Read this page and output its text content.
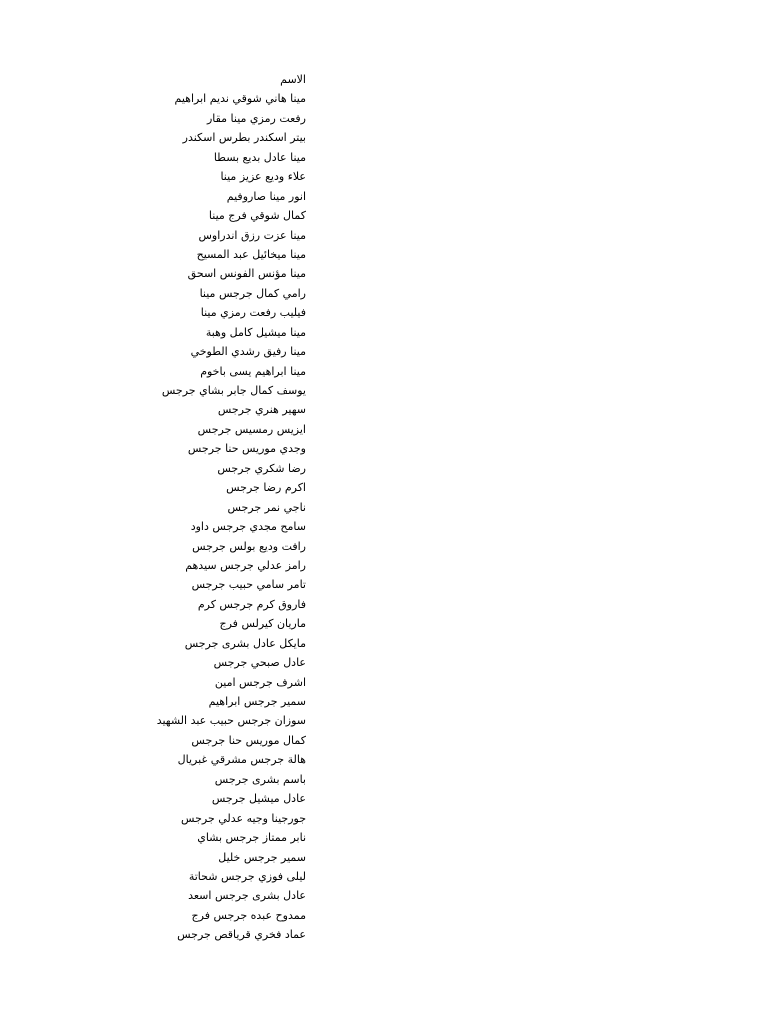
الاسم
مينا هاني شوقي نديم ابراهيم
رفعت رمزي مينا مقار
بيتر اسكندر بطرس اسكندر
مينا عادل بديع بسطا
علاء وديع عزيز مينا
انور مينا صاروفيم
كمال شوقي فرج مينا
مينا عزت رزق اندراوس
مينا ميخائيل عبد المسيح
مينا مؤنس الفونس اسحق
رامي كمال جرجس مينا
فيليب رفعت رمزي مينا
مينا ميشيل كامل وهبة
مينا رفيق رشدي الطوخي
مينا ابراهيم يسى باخوم
يوسف كمال جابر بشاي جرجس
سهير هنري جرجس
ايزيس رمسيس جرجس
وجدي موريس حنا جرجس
رضا شكري جرجس
اكرم رضا جرجس
ناجي نمر جرجس
سامح مجدي جرجس داود
رافت وديع بولس جرجس
رامز عدلي جرجس سيدهم
تامر سامي حبيب جرجس
فاروق كرم جرجس كرم
ماريان كيرلس فرج
مايكل عادل بشرى جرجس
عادل صبحي جرجس
اشرف جرجس امين
سمير جرجس ابراهيم
سوزان جرجس حبيب عبد الشهيد
كمال موريس حنا جرجس
هالة جرجس مشرقي غبريال
باسم بشرى جرجس
عادل ميشيل جرجس
جورجينا وجيه عدلي جرجس
نابر ممتاز جرجس بشاي
سمير جرجس خليل
ليلى فوزي جرجس شحاتة
عادل بشرى جرجس اسعد
ممدوح عبده جرجس فرج
عماد فخري قرياقص جرجس
